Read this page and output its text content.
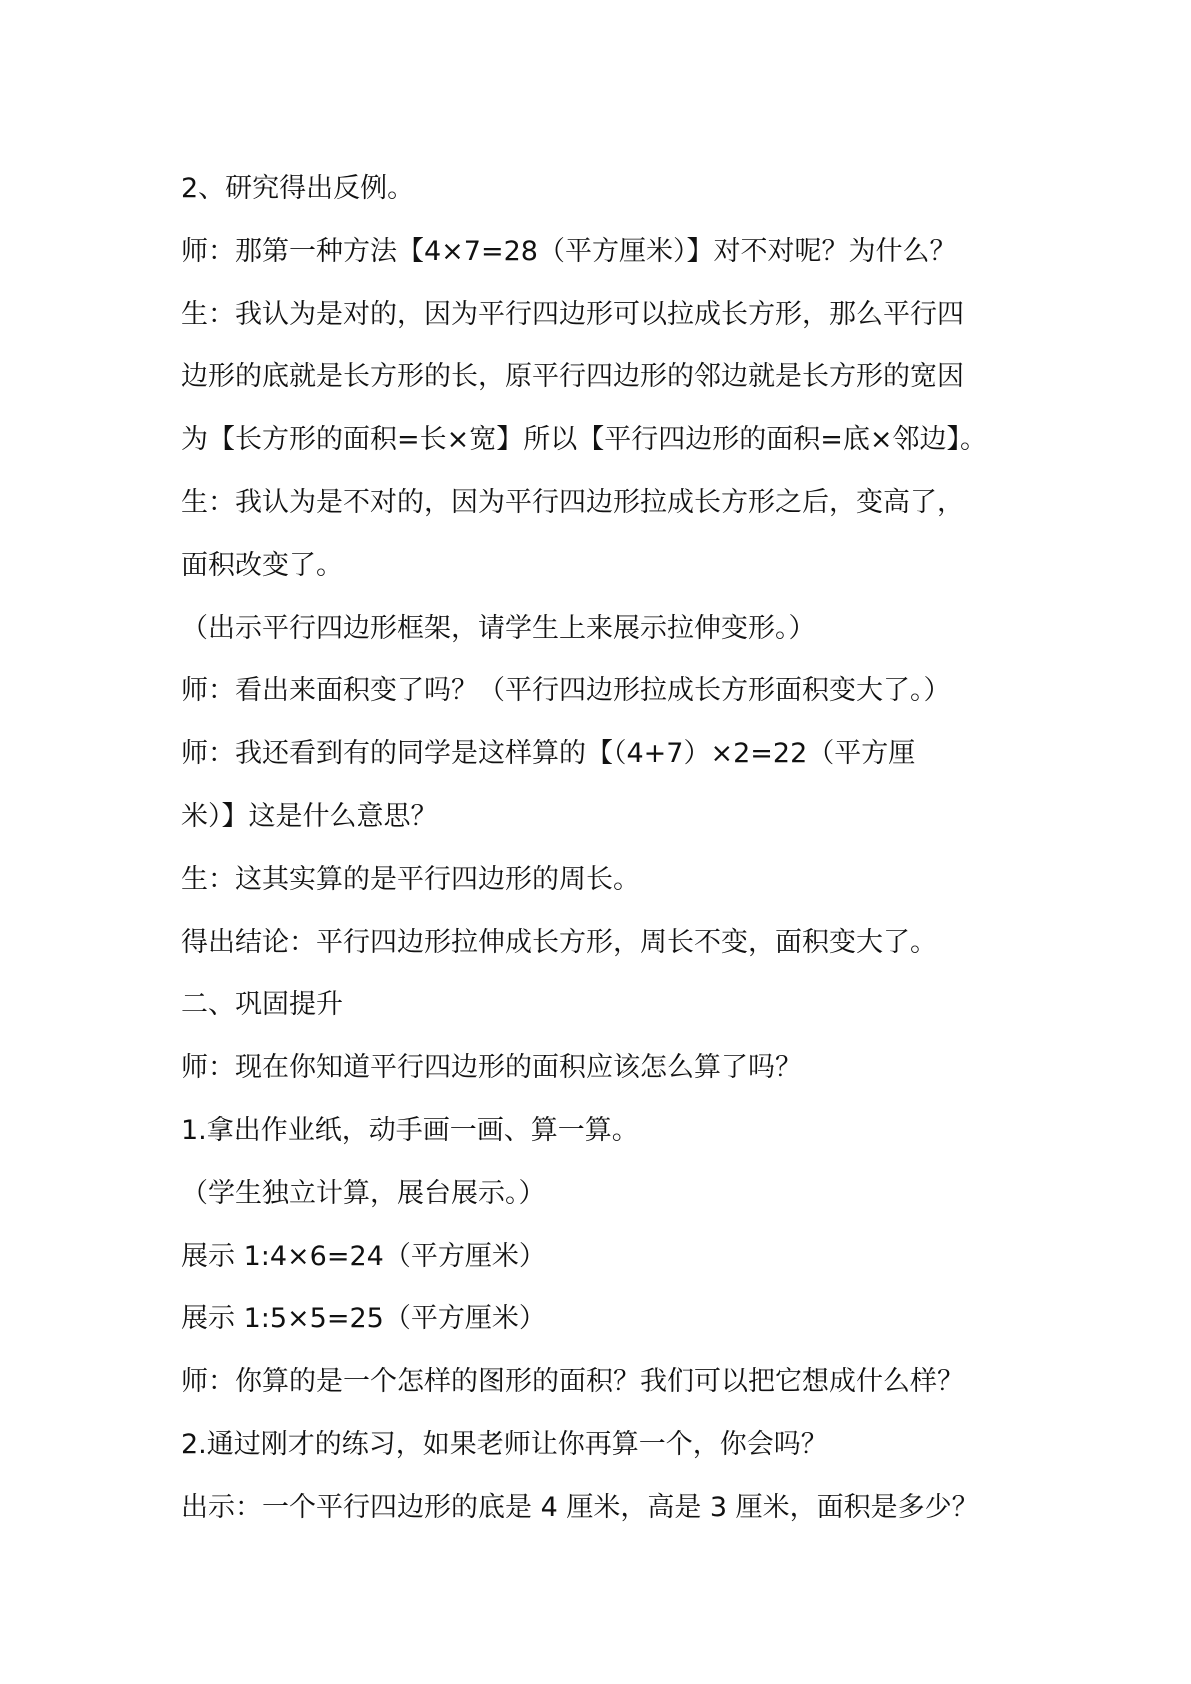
2、研究得出反例。
师：那第一种方法【4×7=28（平方厘米）】对不对呢？为什么？
生：我认为是对的，因为平行四边形可以拉成长方形，那么平行四
边形的底就是长方形的长，原平行四边形的邻边就是长方形的宽因
为【长方形的面积=长×宽】所以【平行四边形的面积=底×邻边】。
生：我认为是不对的，因为平行四边形拉成长方形之后，变高了，
面积改变了。
（出示平行四边形框架，请学生上来展示拉伸变形。）
师：看出来面积变了吗？（平行四边形拉成长方形面积变大了。）
师：我还看到有的同学是这样算的【（4+7）×2=22（平方厘
米）】这是什么意思？
生：这其实算的是平行四边形的周长。
得出结论：平行四边形拉伸成长方形，周长不变，面积变大了。
二、巩固提升
师：现在你知道平行四边形的面积应该怎么算了吗？
1.拿出作业纸，动手画一画、算一算。
（学生独立计算，展台展示。）
展示 1:4×6=24（平方厘米）
展示 1:5×5=25（平方厘米）
师：你算的是一个怎样的图形的面积？我们可以把它想成什么样？
2.通过刚才的练习，如果老师让你再算一个，你会吗？
出示：一个平行四边形的底是 4 厘米，高是 3 厘米，面积是多少？
